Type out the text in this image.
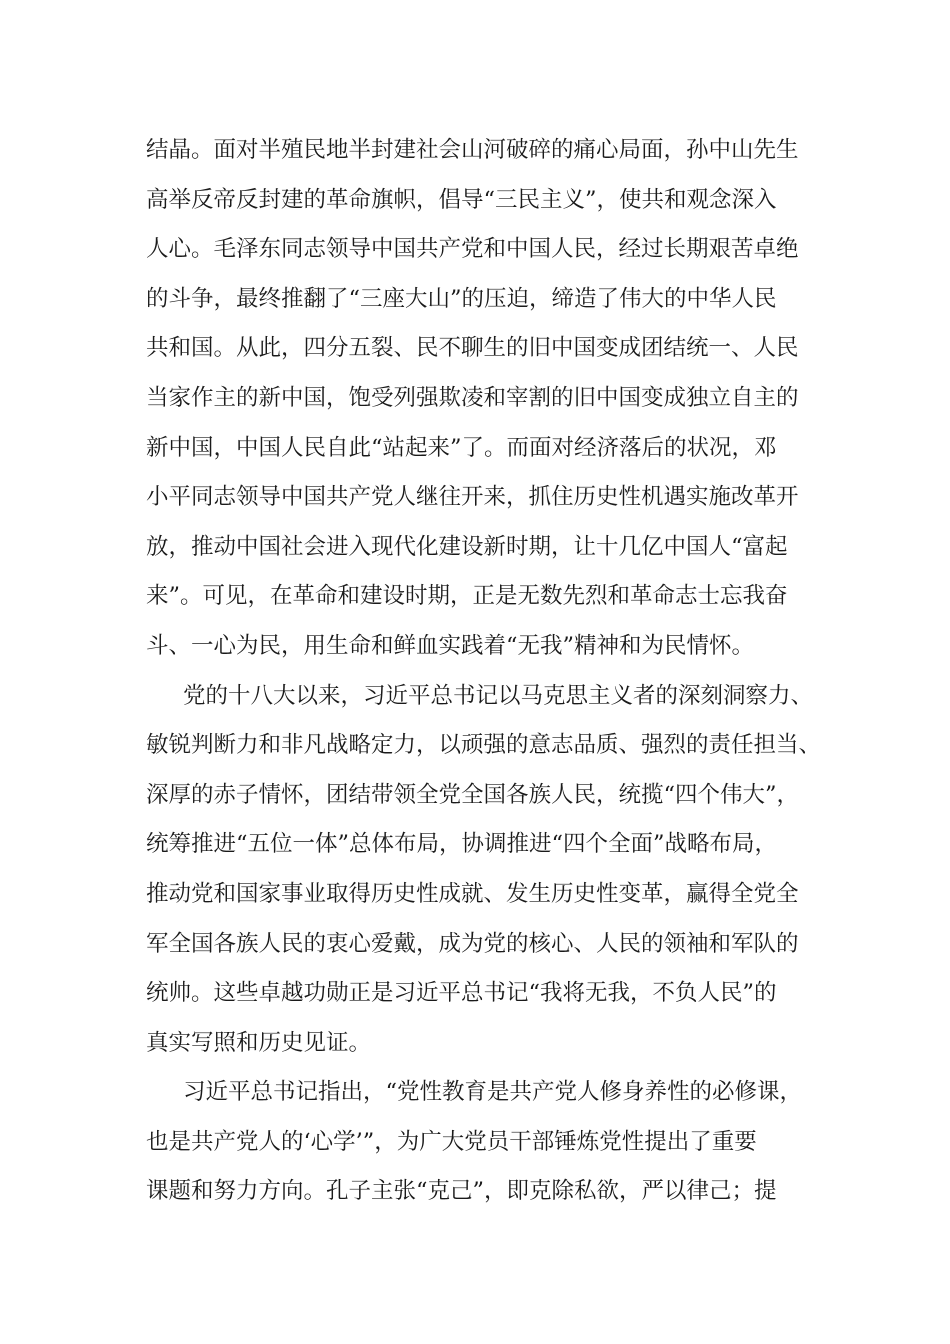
结晶。面对半殖民地半封建社会山河破碎的痛心局面，孙中山先生
高举反帝反封建的革命旗帜，倡导“三民主义”，使共和观念深入
人心。毛泽东同志领导中国共产党和中国人民，经过长期艰苦卓绝
的斗争，最终推翻了“三座大山”的压迫，缔造了伟大的中华人民
共和国。从此，四分五裂、民不聊生的旧中国变成团结统一、人民
当家作主的新中国，饱受列强欺凌和宰割的旧中国变成独立自主的
新中国，中国人民自此“站起来”了。而面对经济落后的状况，邓
小平同志领导中国共产党人继往开来，抓住历史性机遇实施改革开
放，推动中国社会进入现代化建设新时期，让十几亿中国人“富起
来”。可见，在革命和建设时期，正是无数先烈和革命志士忘我奋
斗、一心为民，用生命和鲜血实践着“无我”精神和为民情怀。
党的十八大以来，习近平总书记以马克思主义者的深刻洞察力、
敏锐判断力和非凡战略定力，以顽强的意志品质、强烈的责任担当、
深厚的赤子情怀，团结带领全党全国各族人民，统揽“四个伟大”，
统筹推进“五位一体”总体布局，协调推进“四个全面”战略布局，
推动党和国家事业取得历史性成就、发生历史性变革，赢得全党全
军全国各族人民的衷心爱戴，成为党的核心、人民的领袖和军队的
统帅。这些卓越功勋正是习近平总书记“我将无我，不负人民”的
真实写照和历史见证。
习近平总书记指出，“党性教育是共产党人修身养性的必修课，
也是共产党人的‘心学’”，为广大党员干部锤炼党性提出了重要
课题和努力方向。孔子主张“克己”，即克除私欲，严以律己；提
